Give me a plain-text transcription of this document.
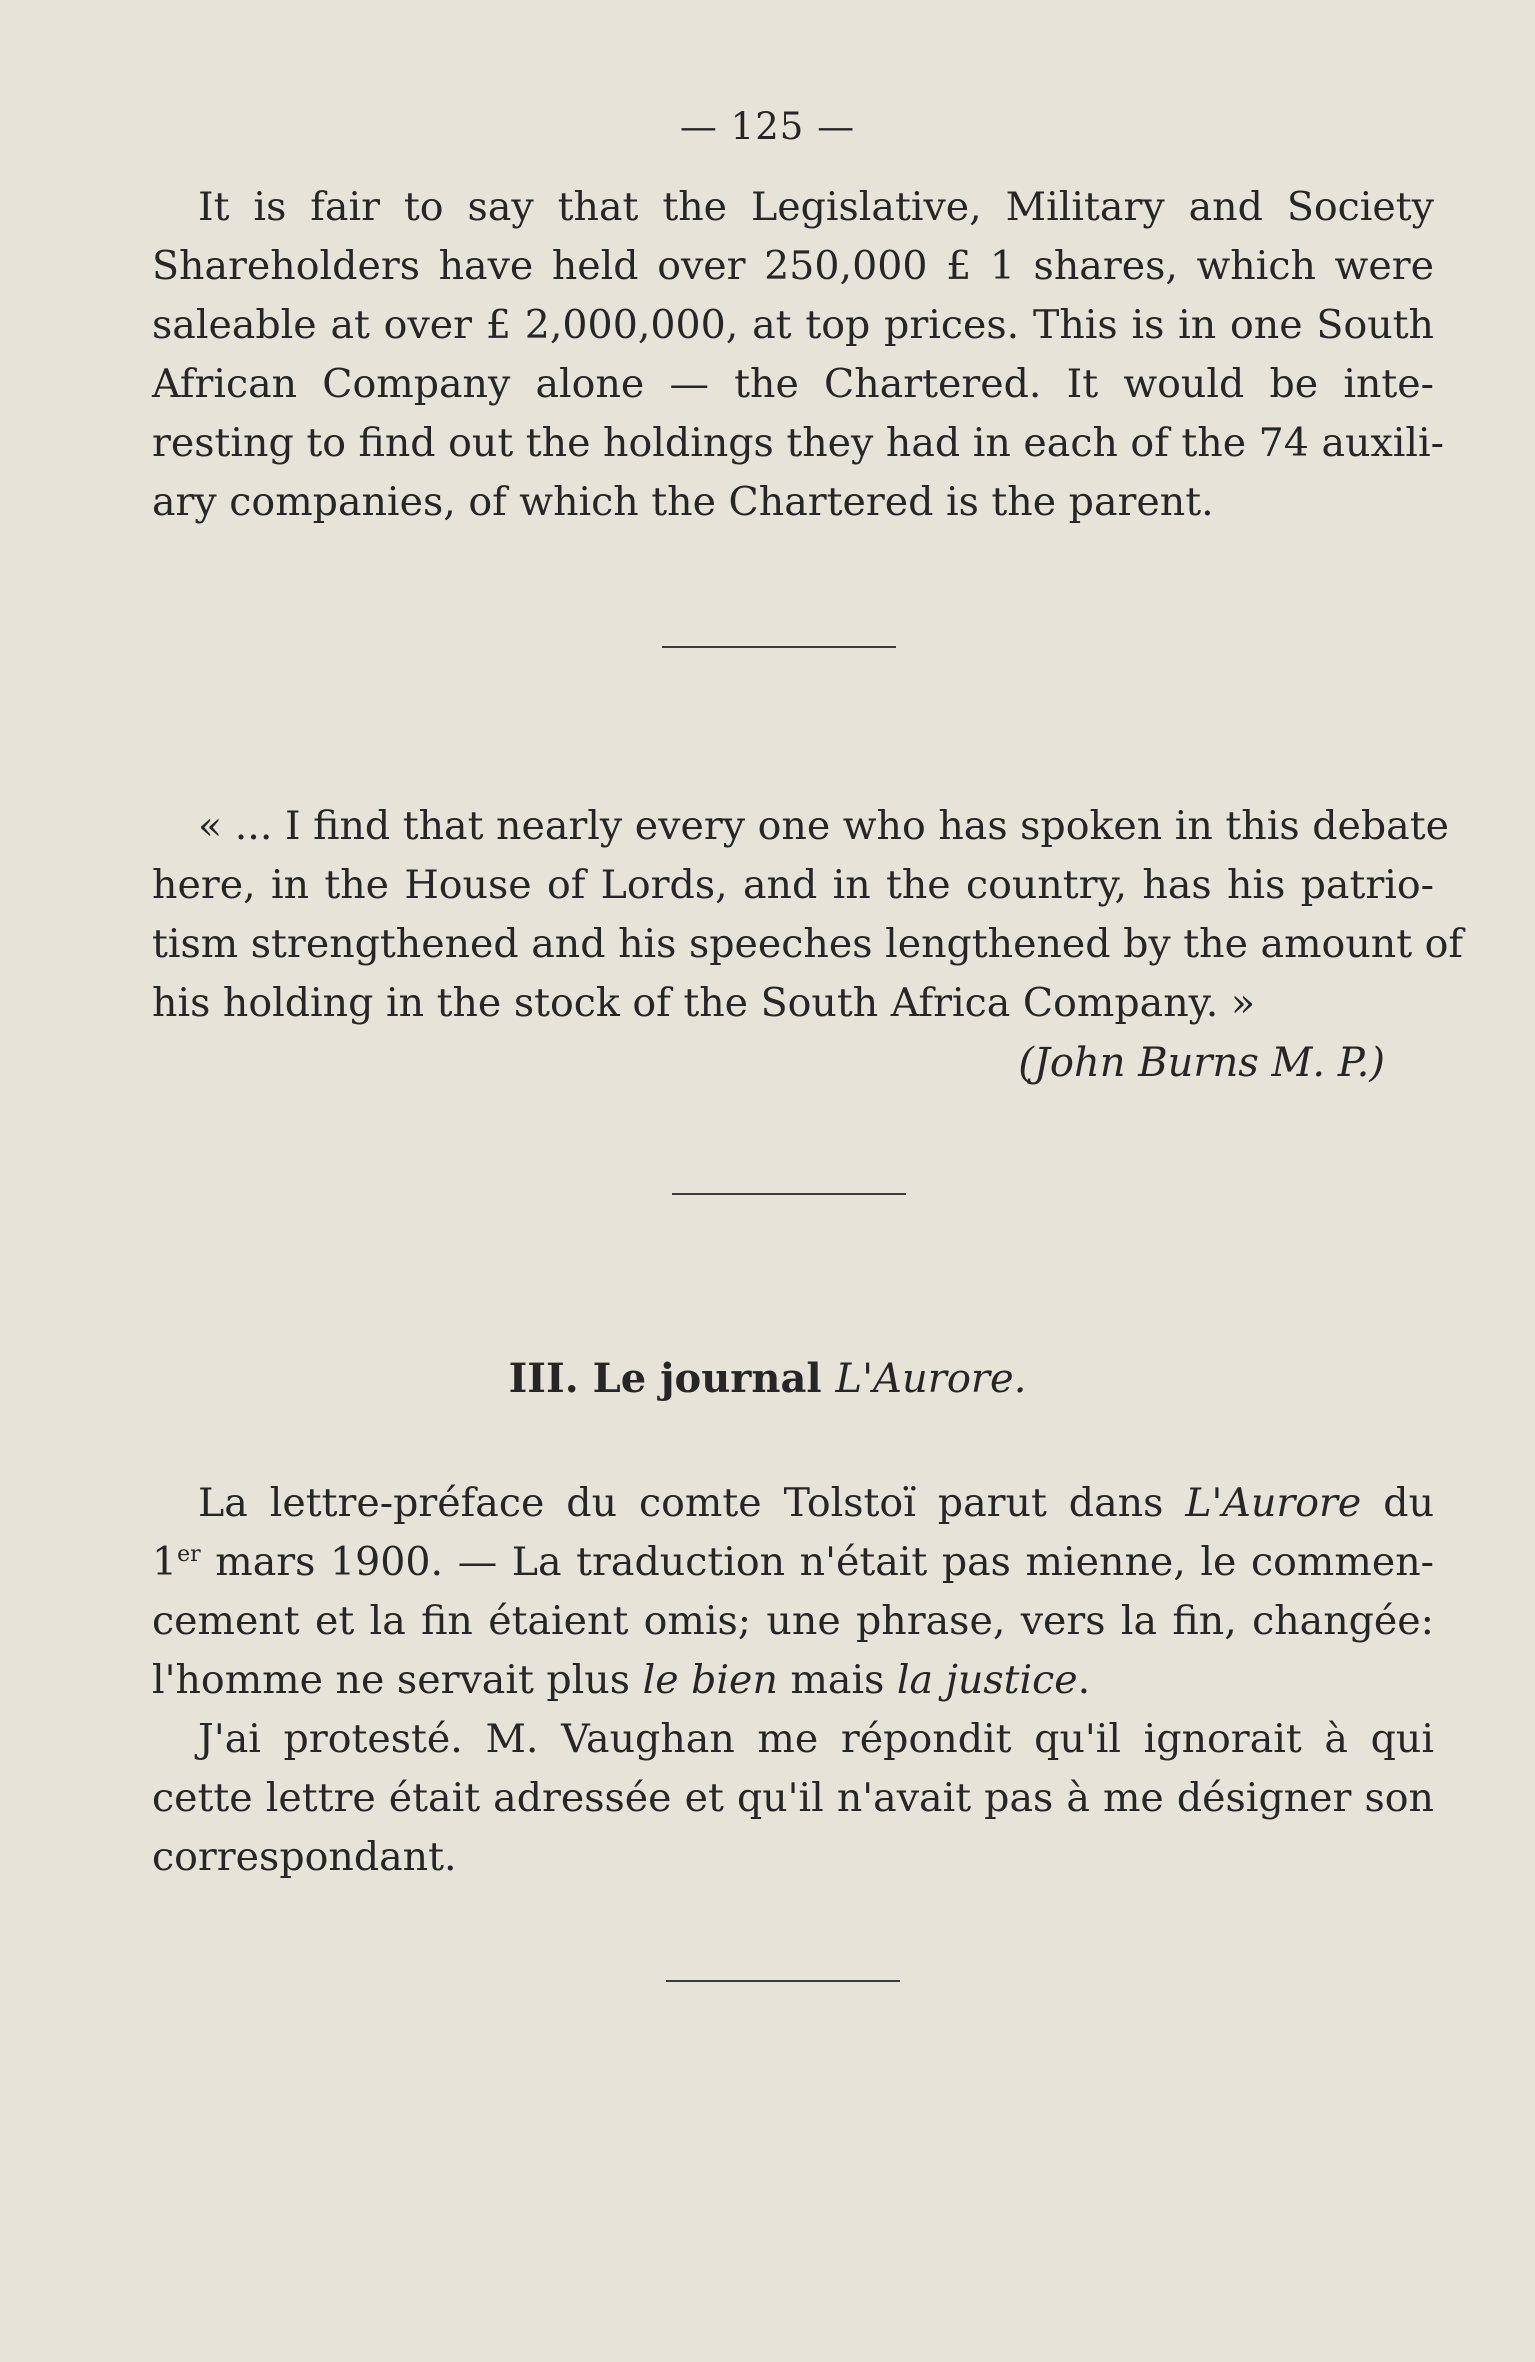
— 125 —
It is fair to say that the Legislative, Military and Society
Shareholders have held over 250,000 £ 1 shares, which were
saleable at over £ 2,000,000, at top prices. This is in one South
African Company alone — the Chartered. It would be inte-
resting to find out the holdings they had in each of the 74 auxili-
ary companies, of which the Chartered is the parent.
« ... I find that nearly every one who has spoken in this debate
here, in the House of Lords, and in the country, has his patrio-
tism strengthened and his speeches lengthened by the amount of
his holding in the stock of the South Africa Company. »
(John Burns M. P.)
III. Le journal L'Aurore.
La lettre-préface du comte Tolstoï parut dans L'Aurore du
1er mars 1900. — La traduction n'était pas mienne, le commen-
cement et la fin étaient omis; une phrase, vers la fin, changée:
l'homme ne servait plus le bien mais la justice.
J'ai protesté. M. Vaughan me répondit qu'il ignorait à qui
cette lettre était adressée et qu'il n'avait pas à me désigner son
correspondant.
